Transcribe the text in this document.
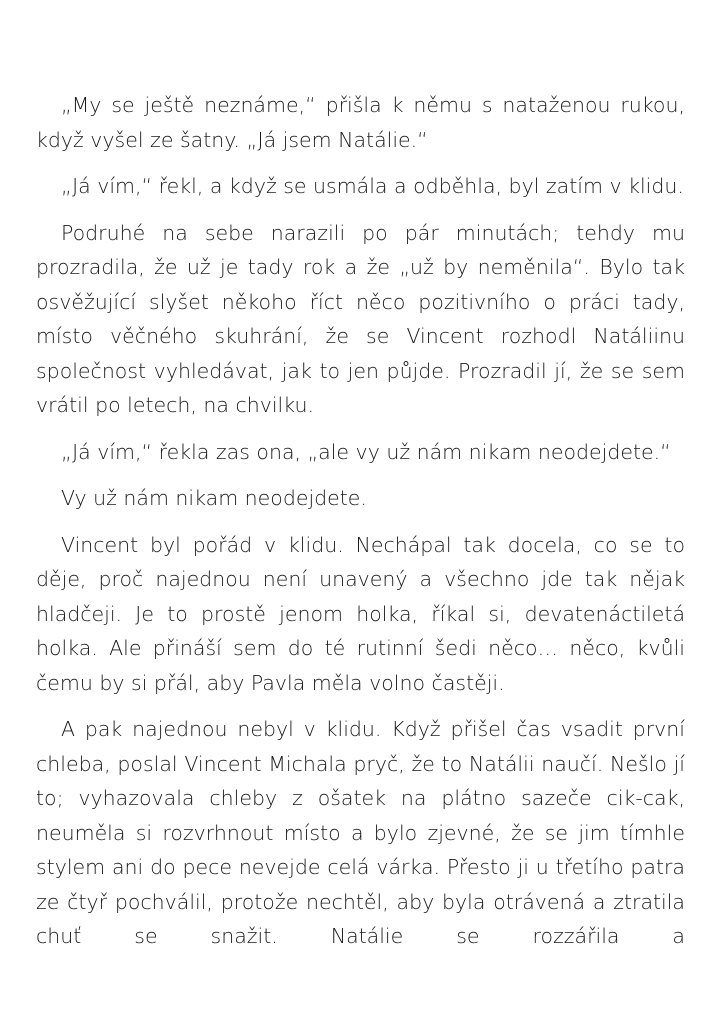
„My se ještě neznáme,“ přišla k němu s nataženou rukou, když vyšel ze šatny. „Já jsem Natálie.“

„Já vím,“ řekl, a když se usmála a odběhla, byl zatím v klidu.

Podruhé na sebe narazili po pár minutách; tehdy mu prozradila, že už je tady rok a že „už by neměnila“. Bylo tak osvěžující slyšet někoho říct něco pozitivního o práci tady, místo věčného skuhrání, že se Vincent rozhodl Natáliinu společnost vyhledávat, jak to jen půjde. Prozradil jí, že se sem vrátil po letech, na chvilku.

„Já vím,“ řekla zas ona, „ale vy už nám nikam neodejdete.“

Vy už nám nikam neodejdete.

Vincent byl pořád v klidu. Nechápal tak docela, co se to děje, proč najednou není unavený a všechno jde tak nějak hladčeji. Je to prostě jenom holka, říkal si, devatenáctiletá holka. Ale přináší sem do té rutinní šedi něco… něco, kvůli čemu by si přál, aby Pavla měla volno častěji.

A pak najednou nebyl v klidu. Když přišel čas vsadit první chleba, poslal Vincent Michala pryč, že to Natálii naučí. Nešlo jí to; vyhazovala chleby z ošatek na plátno sazeče cik-cak, neuměla si rozvrhnout místo a bylo zjevné, že se jim tímhle stylem ani do pece nevejde celá várka. Přesto ji u třetího patra ze čtyř pochválil, protože nechtěl, aby byla otrávená a ztratila chuť se snažit. Natálie se rozzářila a
